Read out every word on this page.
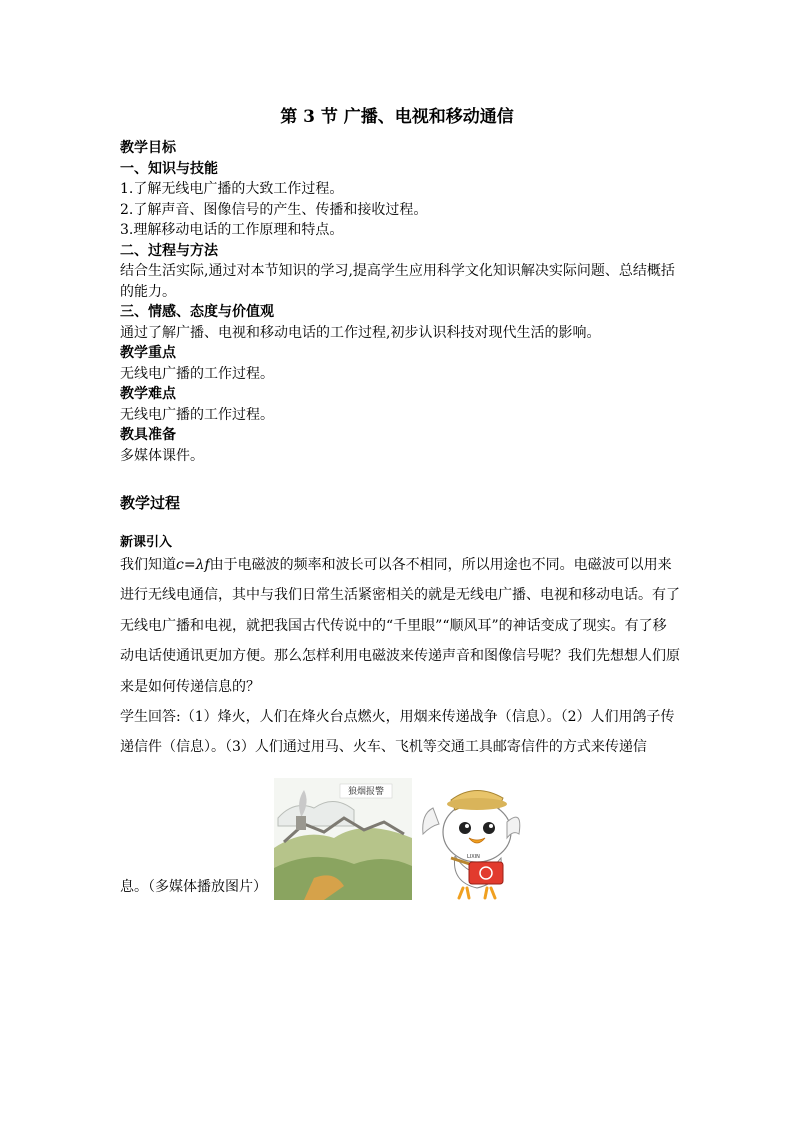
第 3 节 广播、电视和移动通信
教学目标
一、知识与技能
1.了解无线电广播的大致工作过程。
2.了解声音、图像信号的产生、传播和接收过程。
3.理解移动电话的工作原理和特点。
二、过程与方法
结合生活实际,通过对本节知识的学习,提高学生应用科学文化知识解决实际问题、总结概括的能力。
三、情感、态度与价值观
通过了解广播、电视和移动电话的工作过程,初步认识科技对现代生活的影响。
教学重点
无线电广播的工作过程。
教学难点
无线电广播的工作过程。
教具准备
多媒体课件。
教学过程
新课引入
我们知道c=λf由于电磁波的频率和波长可以各不相同，所以用途也不同。电磁波可以用来进行无线电通信，其中与我们日常生活紧密相关的就是无线电广播、电视和移动电话。有了无线电广播和电视，就把我国古代传说中的“千里眼”“顺风耳”的神话变成了现实。有了移动电话使通讯更加方便。那么怎样利用电磁波来传递声音和图像信号呢？我们先想想人们原来是如何传递信息的？
学生回答:（1）烽火，人们在烽火台点燃火，用烟来传递战争（信息）。（2）人们用鸽子传递信件（信息）。（3）人们通过用马、火车、飞机等交通工具邮寄信件的方式来传递信
狼烟报警
LIXIN
息。（多媒体播放图片）
